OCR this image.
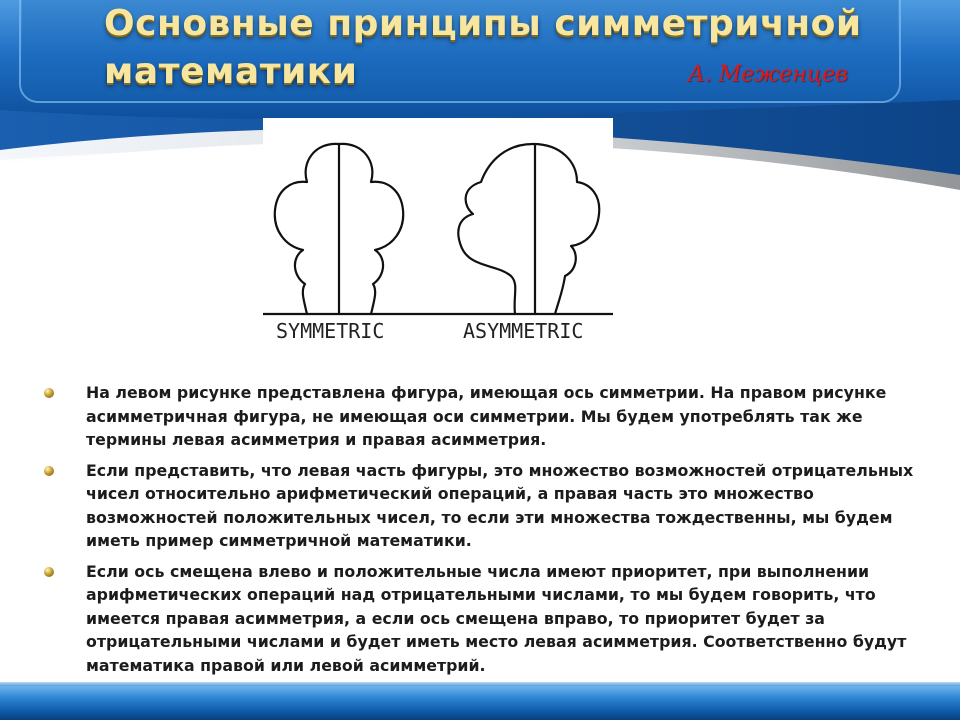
Основные принципы симметричной
математики	А. Меженцев
SYMMETRIC	ASYMMETRIC
На левом рисунке представлена фигура, имеющая ось симметрии. На правом рисунке асимметричная фигура, не имеющая оси симметрии. Мы будем употреблять так же термины левая асимметрия и правая асимметрия.
Если представить, что левая часть фигуры, это множество возможностей отрицательных чисел относительно арифметический операций, а правая часть это множество возможностей положительных чисел, то если эти множества тождественны, мы будем иметь пример симметричной математики.
Если ось смещена влево и положительные числа имеют приоритет, при выполнении арифметических операций над отрицательными числами, то мы будем говорить, что имеется правая асимметрия, а если ось смещена вправо, то приоритет будет за отрицательными числами и будет иметь место левая асимметрия. Соответственно будут математика правой или левой асимметрий.
